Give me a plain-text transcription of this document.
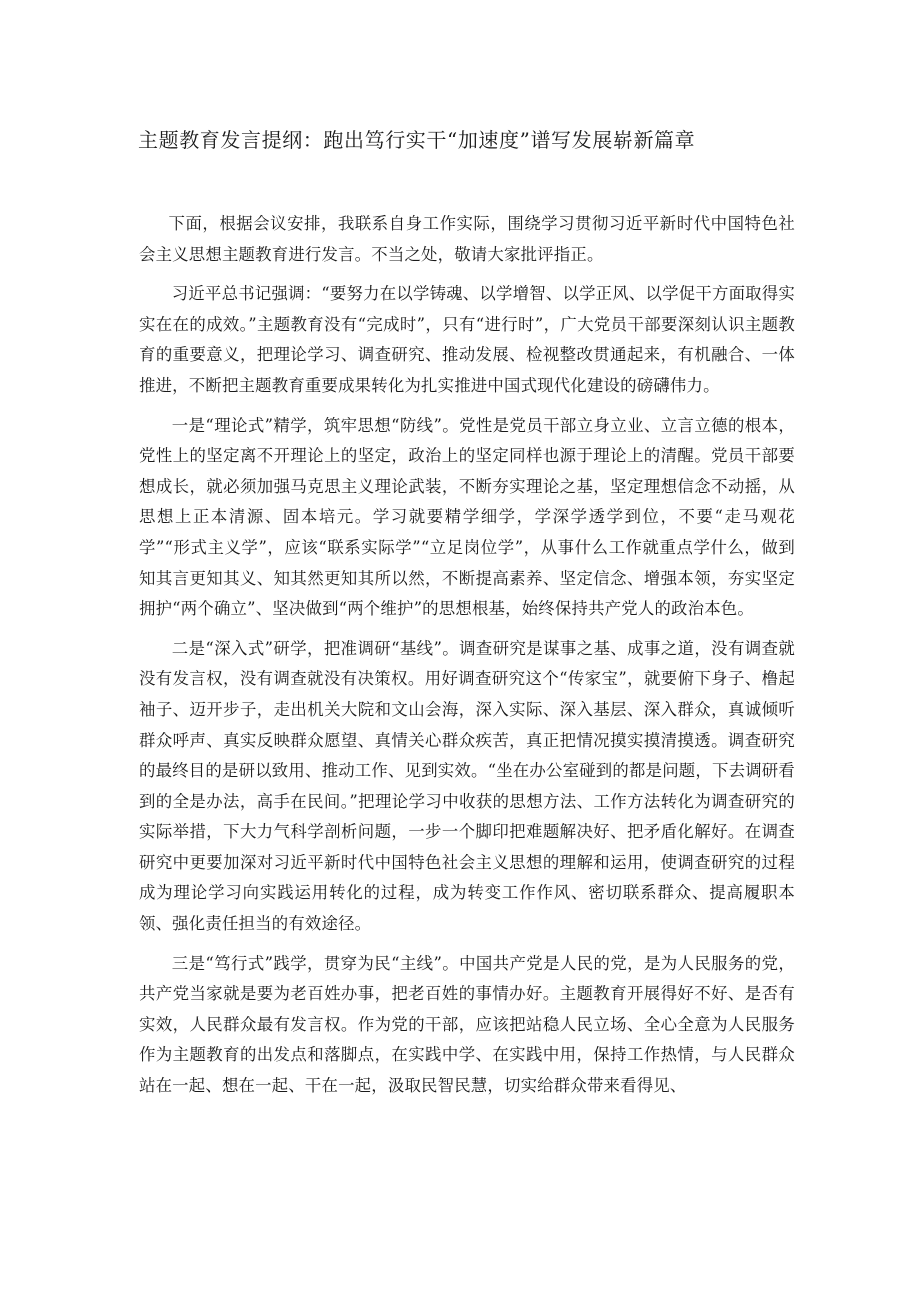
主题教育发言提纲：跑出笃行实干“加速度”谱写发展崭新篇章

下面，根据会议安排，我联系自身工作实际，围绕学习贯彻习近平新时代中国特色社会主义思想主题教育进行发言。不当之处，敬请大家批评指正。

习近平总书记强调：“要努力在以学铸魂、以学增智、以学正风、以学促干方面取得实实在在的成效。”主题教育没有“完成时”，只有“进行时”，广大党员干部要深刻认识主题教育的重要意义，把理论学习、调查研究、推动发展、检视整改贯通起来，有机融合、一体推进，不断把主题教育重要成果转化为扎实推进中国式现代化建设的磅礴伟力。

一是“理论式”精学，筑牢思想“防线”。党性是党员干部立身立业、立言立德的根本，党性上的坚定离不开理论上的坚定，政治上的坚定同样也源于理论上的清醒。党员干部要想成长，就必须加强马克思主义理论武装，不断夯实理论之基，坚定理想信念不动摇，从思想上正本清源、固本培元。学习就要精学细学，学深学透学到位，不要“走马观花学”“形式主义学”，应该“联系实际学”“立足岗位学”，从事什么工作就重点学什么，做到知其言更知其义、知其然更知其所以然，不断提高素养、坚定信念、增强本领，夯实坚定拥护“两个确立”、坚决做到“两个维护”的思想根基，始终保持共产党人的政治本色。

二是“深入式”研学，把准调研“基线”。调查研究是谋事之基、成事之道，没有调查就没有发言权，没有调查就没有决策权。用好调查研究这个“传家宝”，就要俯下身子、橹起袖子、迈开步子，走出机关大院和文山会海，深入实际、深入基层、深入群众，真诚倾听群众呼声、真实反映群众愿望、真情关心群众疾苦，真正把情况摸实摸清摸透。调查研究的最终目的是研以致用、推动工作、见到实效。“坐在办公室碰到的都是问题，下去调研看到的全是办法，高手在民间。”把理论学习中收获的思想方法、工作方法转化为调查研究的实际举措，下大力气科学剖析问题，一步一个脚印把难题解决好、把矛盾化解好。在调查研究中更要加深对习近平新时代中国特色社会主义思想的理解和运用，使调查研究的过程成为理论学习向实践运用转化的过程，成为转变工作作风、密切联系群众、提高履职本领、强化责任担当的有效途径。

三是“笃行式”践学，贯穿为民“主线”。中国共产党是人民的党，是为人民服务的党，共产党当家就是要为老百姓办事，把老百姓的事情办好。主题教育开展得好不好、是否有实效，人民群众最有发言权。作为党的干部，应该把站稳人民立场、全心全意为人民服务作为主题教育的出发点和落脚点，在实践中学、在实践中用，保持工作热情，与人民群众站在一起、想在一起、干在一起，汲取民智民慧，切实给群众带来看得见、
